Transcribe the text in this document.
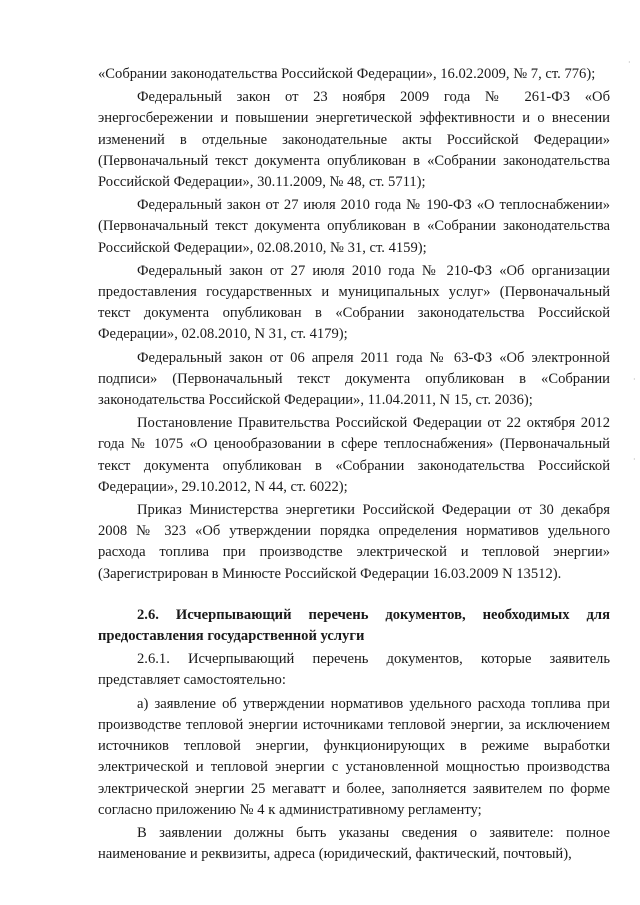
«Собрании законодательства Российской Федерации», 16.02.2009, № 7, ст. 776);

Федеральный закон от 23 ноября 2009 года № 261-ФЗ «Об энергосбережении и повышении энергетической эффективности и о внесении изменений в отдельные законодательные акты Российской Федерации» (Первоначальный текст документа опубликован в «Собрании законодательства Российской Федерации», 30.11.2009, № 48, ст. 5711);

Федеральный закон от 27 июля 2010 года № 190-ФЗ «О теплоснабжении» (Первоначальный текст документа опубликован в «Собрании законодательства Российской Федерации», 02.08.2010, № 31, ст. 4159);

Федеральный закон от 27 июля 2010 года № 210-ФЗ «Об организации предоставления государственных и муниципальных услуг» (Первоначальный текст документа опубликован в «Собрании законодательства Российской Федерации», 02.08.2010, N 31, ст. 4179);

Федеральный закон от 06 апреля 2011 года № 63-ФЗ «Об электронной подписи» (Первоначальный текст документа опубликован в «Собрании законодательства Российской Федерации», 11.04.2011, N 15, ст. 2036);

Постановление Правительства Российской Федерации от 22 октября 2012 года № 1075 «О ценообразовании в сфере теплоснабжения» (Первоначальный текст документа опубликован в «Собрании законодательства Российской Федерации», 29.10.2012, N 44, ст. 6022);

Приказ Министерства энергетики Российской Федерации от 30 декабря 2008 № 323 «Об утверждении порядка определения нормативов удельного расхода топлива при производстве электрической и тепловой энергии» (Зарегистрирован в Минюсте Российской Федерации 16.03.2009 N 13512).

2.6. Исчерпывающий перечень документов, необходимых для предоставления государственной услуги

2.6.1. Исчерпывающий перечень документов, которые заявитель представляет самостоятельно:

а) заявление об утверждении нормативов удельного расхода топлива при производстве тепловой энергии источниками тепловой энергии, за исключением источников тепловой энергии, функционирующих в режиме выработки электрической и тепловой энергии с установленной мощностью производства электрической энергии 25 мегаватт и более, заполняется заявителем по форме согласно приложению № 4 к административному регламенту;

В заявлении должны быть указаны сведения о заявителе: полное наименование и реквизиты, адреса (юридический, фактический, почтовый),

·
·
·
